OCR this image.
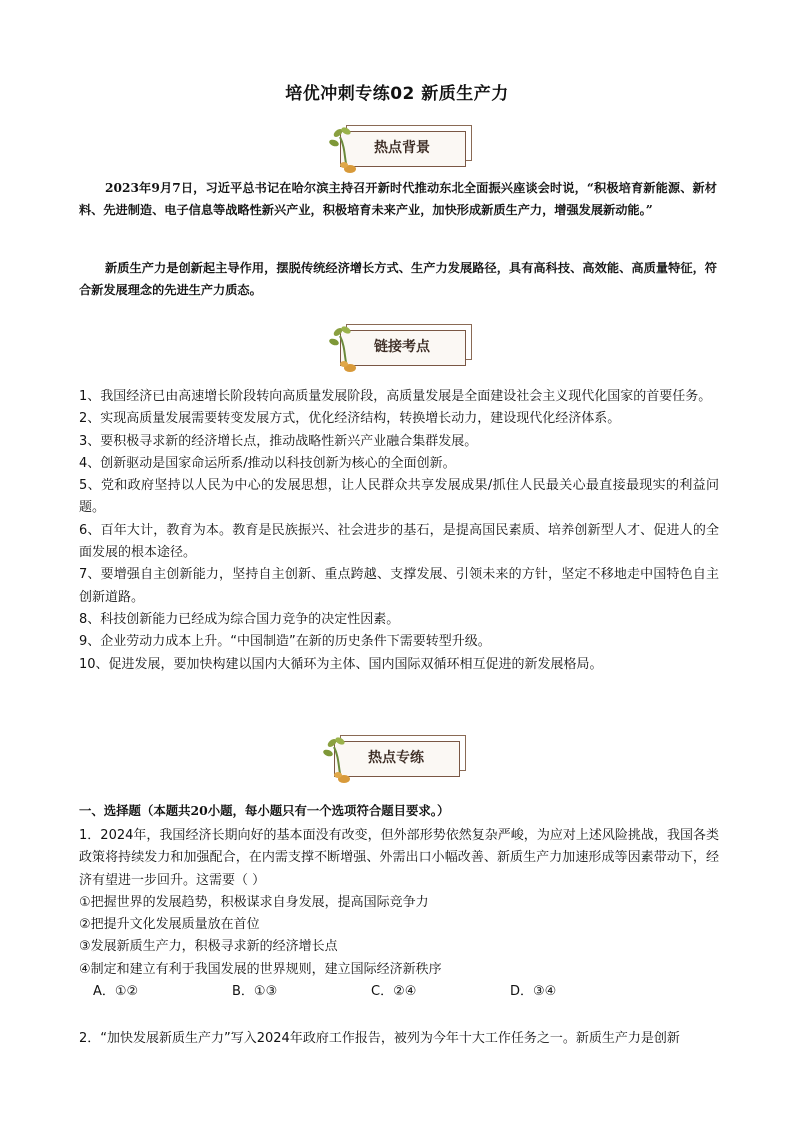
培优冲刺专练02 新质生产力
热点背景

2023年9月7日，习近平总书记在哈尔滨主持召开新时代推动东北全面振兴座谈会时说，“积极培育新能源、新材料、先进制造、电子信息等战略性新兴产业，积极培育未来产业，加快形成新质生产力，增强发展新动能。”

新质生产力是创新起主导作用，摆脱传统经济增长方式、生产力发展路径，具有高科技、高效能、高质量特征，符合新发展理念的先进生产力质态。

链接考点

1、我国经济已由高速增长阶段转向高质量发展阶段，高质量发展是全面建设社会主义现代化国家的首要任务。

2、实现高质量发展需要转变发展方式，优化经济结构，转换增长动力，建设现代化经济体系。

3、要积极寻求新的经济增长点，推动战略性新兴产业融合集群发展。

4、创新驱动是国家命运所系/推动以科技创新为核心的全面创新。

5、党和政府坚持以人民为中心的发展思想，让人民群众共享发展成果/抓住人民最关心最直接最现实的利益问题。

6、百年大计，教育为本。教育是民族振兴、社会进步的基石，是提高国民素质、培养创新型人才、促进人的全面发展的根本途径。

7、要增强自主创新能力，坚持自主创新、重点跨越、支撑发展、引领未来的方针，坚定不移地走中国特色自主创新道路。

8、科技创新能力已经成为综合国力竞争的决定性因素。

9、企业劳动力成本上升。“中国制造”在新的历史条件下需要转型升级。

10、促进发展，要加快构建以国内大循环为主体、国内国际双循环相互促进的新发展格局。

热点专练
一、选择题（本题共20小题，每小题只有一个选项符合题目要求。）

1．2024年，我国经济长期向好的基本面没有改变，但外部形势依然复杂严峻，为应对上述风险挑战，我国各类政策将持续发力和加强配合，在内需支撑不断增强、外需出口小幅改善、新质生产力加速形成等因素带动下，经济有望进一步回升。这需要（ ）

①把握世界的发展趋势，积极谋求自身发展，提高国际竞争力

②把提升文化发展质量放在首位

③发展新质生产力，积极寻求新的经济增长点

④制定和建立有利于我国发展的世界规则，建立国际经济新秩序

A．①②	B．①③	C．②④	D．③④

2．“加快发展新质生产力”写入2024年政府工作报告，被列为今年十大工作任务之一。新质生产力是创新
